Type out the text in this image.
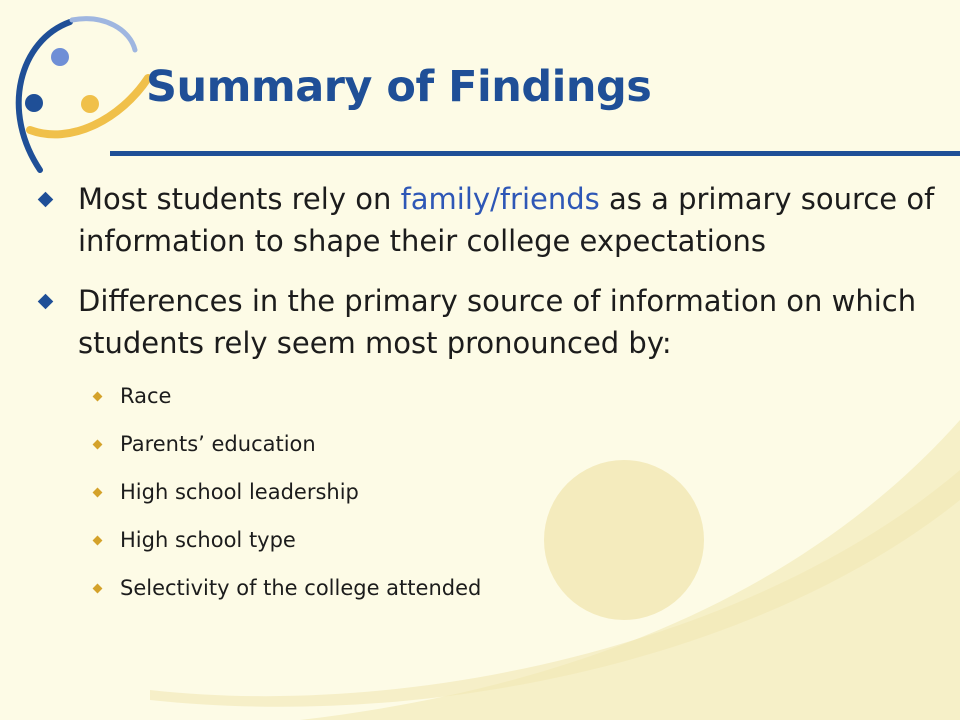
Summary of Findings
Most students rely on family/friends as a primary source of information to shape their college expectations
Differences in the primary source of information on which students rely seem most pronounced by:
Race
Parents’ education
High school leadership
High school type
Selectivity of the college attended
